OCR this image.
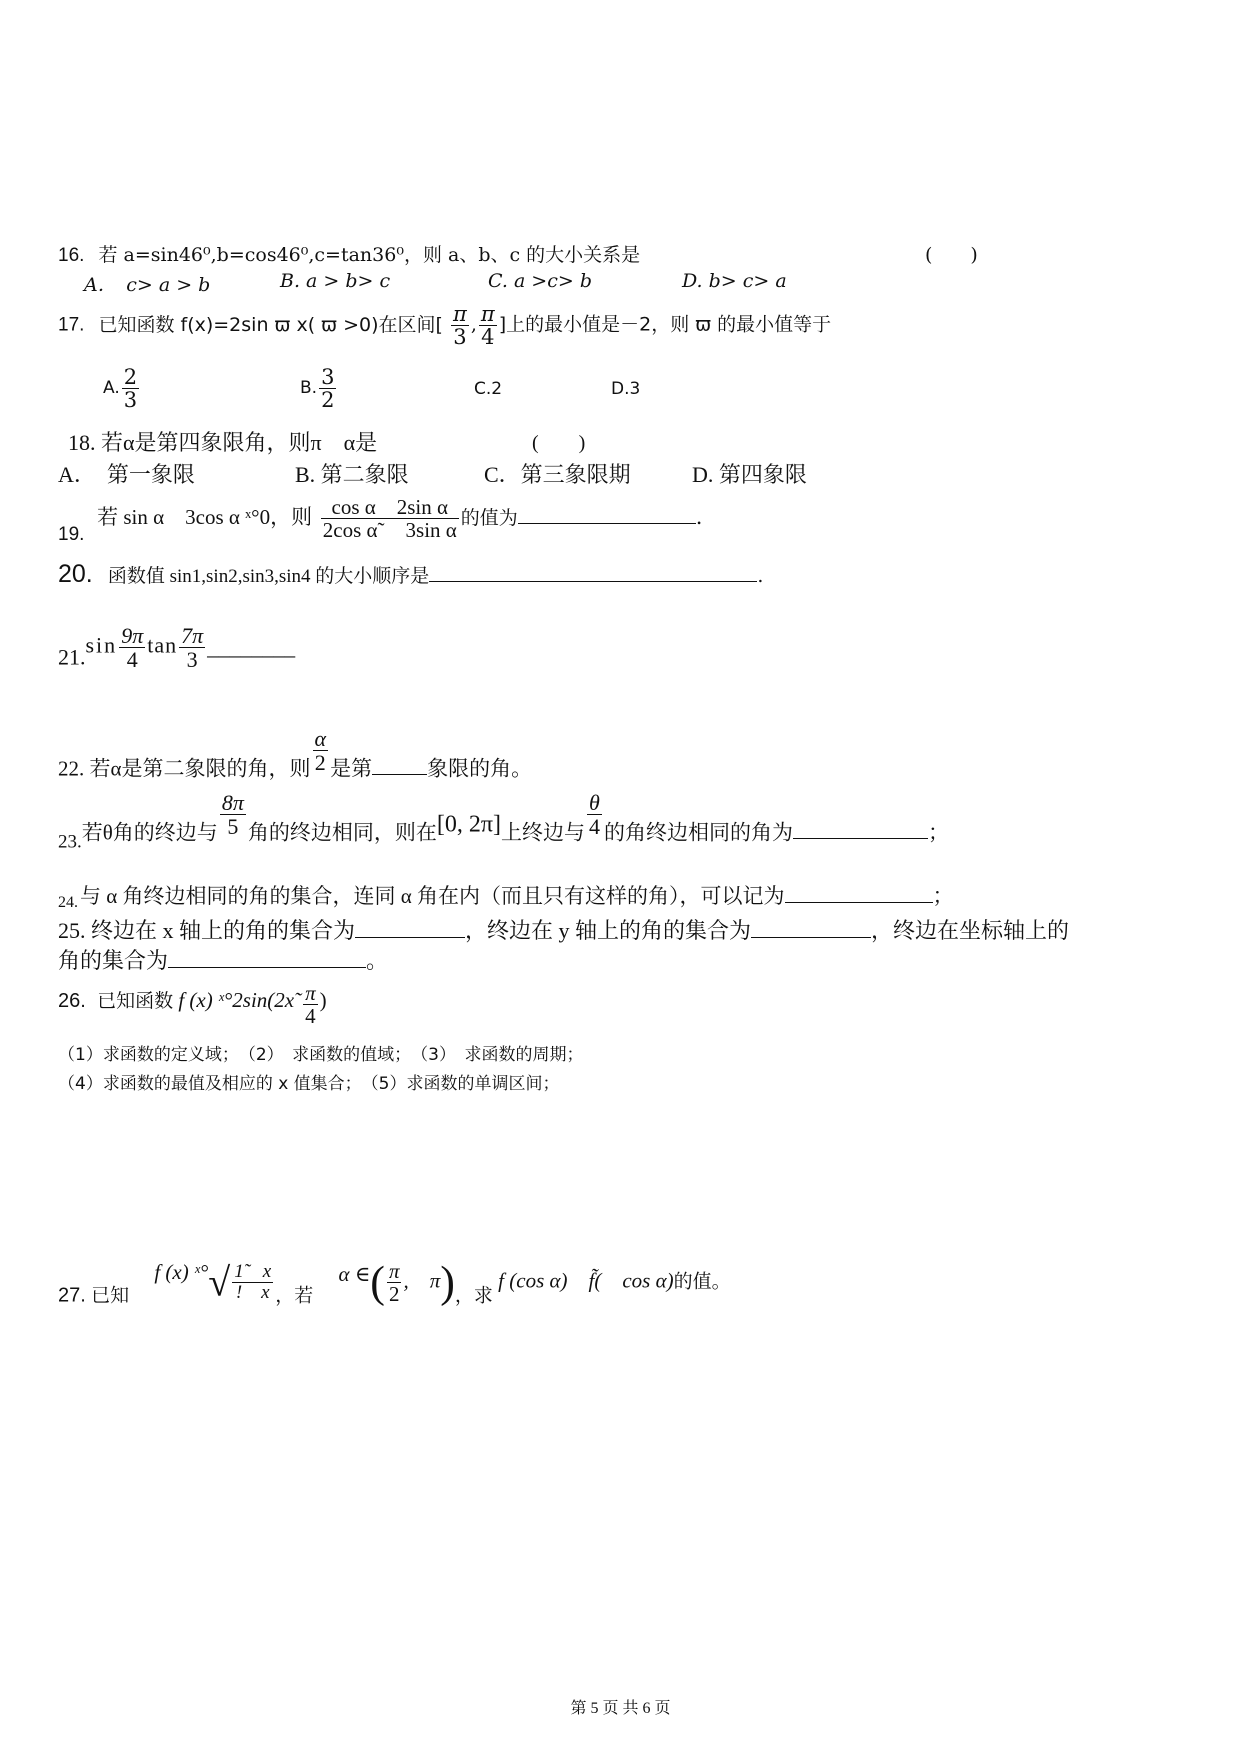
16. 若 a=sin46⁰,b=cos46⁰,c=tan36⁰，则 a、b、c 的大小关系是	(　　)
A．　c> a > b	B. a > b> c	C. a >c> b	D. b> c> a
17. 已知函数 f(x)=2sin ϖ x( ϖ >0)在区间[ $\frac{\pi}{3}$ , $\frac{\pi}{4}$ ]上的最小值是－2，则 ϖ 的最小值等于
A. $\frac{2}{3}$	B. $\frac{3}{2}$	C.2	D.3
18. 若α是第四象限角，则π　α是	(　　)
A．　第一象限	B. 第二象限	C．第三象限期	D. 第四象限
19. 若 sin α　3cos α ˣ°0，则 $\frac{\text{cos α　2sin α}}{\text{2cos α˜　3sin α}}$ 的值为	.
20. 函数值 sin1,sin2,sin3,sin4 的大小顺序是	.
$21.\sin \frac{9\pi}{4}$ $\tan \frac{7\pi}{3}$ ________
22. 若α是第二象限的角，则 $\frac{\alpha}{2}$ 是第	象限的角。
23.若θ角的终边与 $\frac{8\pi}{5}$ 角的终边相同，则在[0, 2π]上终边与 $\frac{\theta}{4}$ 的角终边相同的角为	；
24.与 α 角终边相同的角的集合，连同 α 角在内（而且只有这样的角），可以记为	；
25. 终边在 x 轴上的角的集合为	，终边在 y 轴上的角的集合为	，终边在坐标轴上的
角的集合为	。
26. 已知函数 f (x) ˣ°2sin(2x˜ $\frac{\pi}{4}$ )
（1）求函数的定义域；　（2）　求函数的值域；　（3）　求函数的周期；
（4）求函数的最值及相应的 x 值集合；　（5）求函数的单调区间；
27. 已知 f (x) ˣ°√ $\frac{1̃ x}{! x}$ ，若 α ∈( $\frac{\pi}{2}$ ,　π)，求 f (cos α)　f̃(　cos α)的值。
第 5 页 共 6 页
